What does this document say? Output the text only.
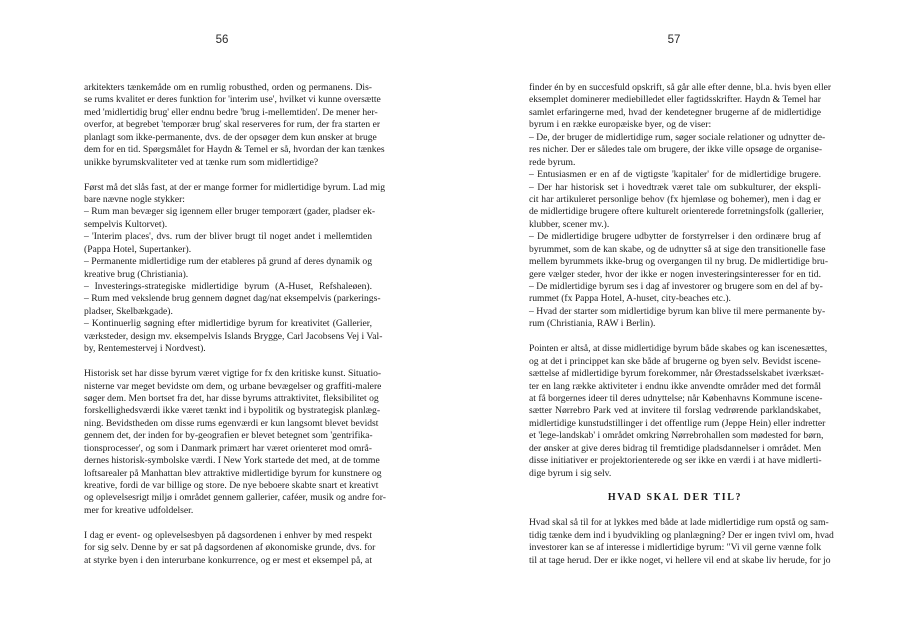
56
arkitekters tænkemåde om en rumlig robusthed, orden og permanens. Dis-
se rums kvalitet er deres funktion for 'interim use', hvilket vi kunne oversætte
med 'midlertidig brug' eller endnu bedre 'brug i-mellemtiden'. De mener her-
overfor, at begrebet 'temporær brug' skal reserveres for rum, der fra starten er
planlagt som ikke-permanente, dvs. de der opsøger dem kun ønsker at bruge
dem for en tid. Spørgsmålet for Haydn & Temel er så, hvordan der kan tænkes
unikke byrumskvaliteter ved at tænke rum som midlertidige?
Først må det slås fast, at der er mange former for midlertidige byrum. Lad mig
bare nævne nogle stykker:
– Rum man bevæger sig igennem eller bruger temporært (gader, pladser ek-
sempelvis Kultorvet).
– 'Interim places', dvs. rum der bliver brugt til noget andet i mellemtiden
(Pappa Hotel, Supertanker).
– Permanente midlertidige rum der etableres på grund af deres dynamik og
kreative brug (Christiania).
– Investerings-strategiske midlertidige byrum (A-Huset, Refshaleøen).
– Rum med vekslende brug gennem døgnet dag/nat eksempelvis (parkerings-
pladser, Skelbækgade).
– Kontinuerlig søgning efter midlertidige byrum for kreativitet (Gallerier,
værksteder, design mv. eksempelvis Islands Brygge, Carl Jacobsens Vej i Val-
by, Rentemestervej i Nordvest).
Historisk set har disse byrum været vigtige for fx den kritiske kunst. Situatio-
nisterne var meget bevidste om dem, og urbane bevægelser og graffiti-malere
søger dem. Men bortset fra det, har disse byrums attraktivitet, fleksibilitet og
forskellighedsværdi ikke været tænkt ind i bypolitik og bystrategisk planlæg-
ning. Bevidstheden om disse rums egenværdi er kun langsomt blevet bevidst
gennem det, der inden for by-geografien er blevet betegnet som 'gentrifika-
tionsprocesser', og som i Danmark primært har været orienteret mod områ-
dernes historisk-symbolske værdi. I New York startede det med, at de tomme
loftsarealer på Manhattan blev attraktive midlertidige byrum for kunstnere og
kreative, fordi de var billige og store. De nye beboere skabte snart et kreativt
og oplevelsesrigt miljø i området gennem gallerier, caféer, musik og andre for-
mer for kreative udfoldelser.
I dag er event- og oplevelsesbyen på dagsordenen i enhver by med respekt
for sig selv. Denne by er sat på dagsordenen af økonomiske grunde, dvs. for
at styrke byen i den interurbane konkurrence, og er mest et eksempel på, at
57
finder én by en succesfuld opskrift, så går alle efter denne, bl.a. hvis byen eller
eksemplet dominerer mediebilledet eller fagtidsskrifter. Haydn & Temel har
samlet erfaringerne med, hvad der kendetegner brugerne af de midlertidige
byrum i en række europæiske byer, og de viser:
– De, der bruger de midlertidige rum, søger sociale relationer og udnytter de-
res nicher. Der er således tale om brugere, der ikke ville opsøge de organise-
rede byrum.
– Entusiasmen er en af de vigtigste 'kapitaler' for de midlertidige brugere.
– Der har historisk set i hovedtræk været tale om subkulturer, der ekspli-
cit har artikuleret personlige behov (fx hjemløse og bohemer), men i dag er
de midlertidige brugere oftere kulturelt orienterede forretningsfolk (gallerier,
klubber, scener mv.).
– De midlertidige brugere udbytter de forstyrrelser i den ordinære brug af
byrummet, som de kan skabe, og de udnytter så at sige den transitionelle fase
mellem byrummets ikke-brug og overgangen til ny brug. De midlertidige bru-
gere vælger steder, hvor der ikke er nogen investeringsinteresser for en tid.
– De midlertidige byrum ses i dag af investorer og brugere som en del af by-
rummet (fx Pappa Hotel, A-huset, city-beaches etc.).
– Hvad der starter som midlertidige byrum kan blive til mere permanente by-
rum (Christiania, RAW i Berlin).
Pointen er altså, at disse midlertidige byrum både skabes og kan iscenesættes,
og at det i princippet kan ske både af brugerne og byen selv. Bevidst iscene-
sættelse af midlertidige byrum forekommer, når Ørestadsselskabet iværksæt-
ter en lang række aktiviteter i endnu ikke anvendte områder med det formål
at få borgernes ideer til deres udnyttelse; når Københavns Kommune iscene-
sætter Nørrebro Park ved at invitere til forslag vedrørende parklandskabet,
midlertidige kunstudstillinger i det offentlige rum (Jeppe Hein) eller indretter
et 'lege-landskab' i området omkring Nørrebrohallen som mødested for børn,
der ønsker at give deres bidrag til fremtidige pladsdannelser i området. Men
disse initiativer er projektorienterede og ser ikke en værdi i at have midlerti-
dige byrum i sig selv.
HVAD SKAL DER TIL?
Hvad skal så til for at lykkes med både at lade midlertidige rum opstå og sam-
tidig tænke dem ind i byudvikling og planlægning? Der er ingen tvivl om, hvad
investorer kan se af interesse i midlertidige byrum: "Vi vil gerne vænne folk
til at tage herud. Der er ikke noget, vi hellere vil end at skabe liv herude, for jo
